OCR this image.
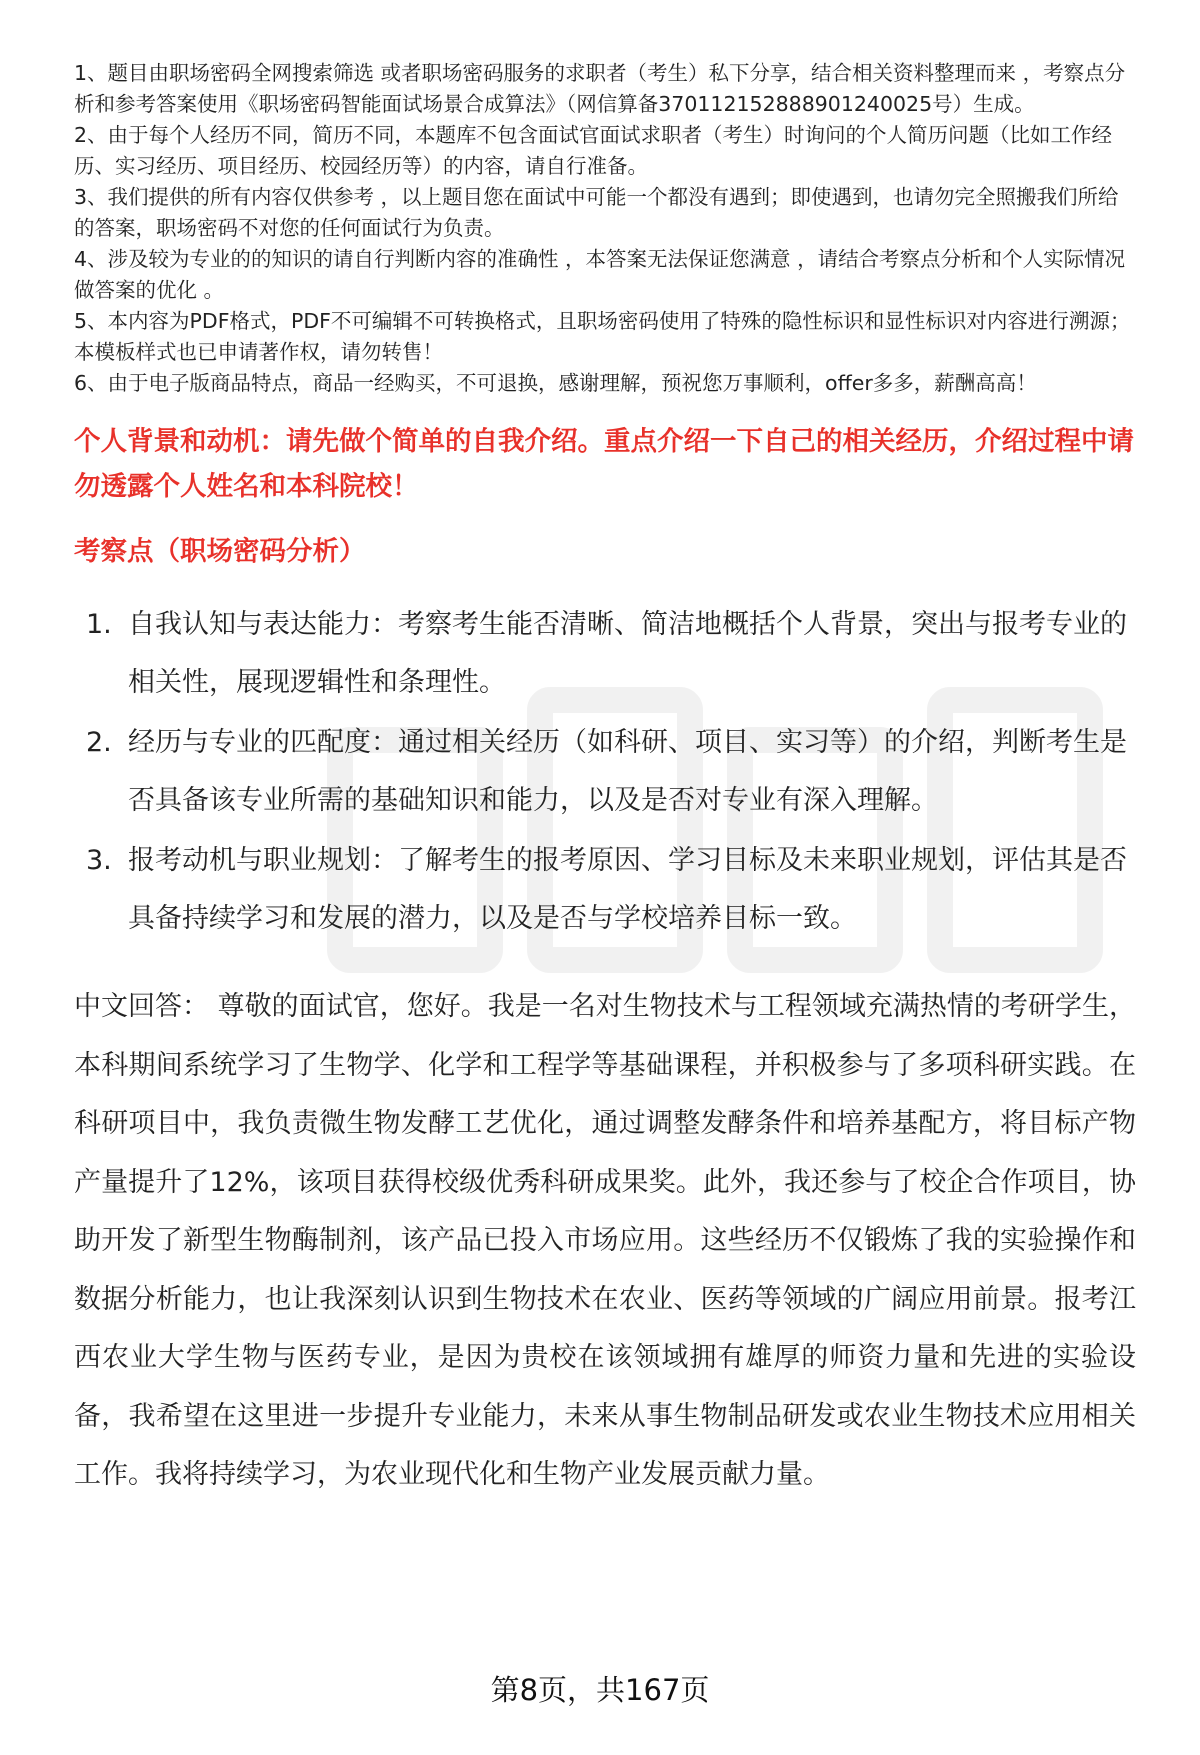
1、题目由职场密码全网搜索筛选 或者职场密码服务的求职者（考生）私下分享，结合相关资料整理而来 ，考察点分析和参考答案使用《职场密码智能面试场景合成算法》（网信算备370112152888901240025号）生成。

2、由于每个人经历不同，简历不同，本题库不包含面试官面试求职者（考生）时询问的个人简历问题（比如工作经历、实习经历、项目经历、校园经历等）的内容，请自行准备。

3、我们提供的所有内容仅供参考 ，以上题目您在面试中可能一个都没有遇到；即使遇到，也请勿完全照搬我们所给的答案，职场密码不对您的任何面试行为负责。

4、涉及较为专业的的知识的请自行判断内容的准确性 ，本答案无法保证您满意 ，请结合考察点分析和个人实际情况做答案的优化 。

5、本内容为PDF格式，PDF不可编辑不可转换格式，且职场密码使用了特殊的隐性标识和显性标识对内容进行溯源；本模板样式也已申请著作权，请勿转售！

6、由于电子版商品特点，商品一经购买，不可退换，感谢理解，预祝您万事顺利，offer多多，薪酬高高！

个人背景和动机：请先做个简单的自我介绍。重点介绍一下自己的相关经历，介绍过程中请勿透露个人姓名和本科院校！
考察点（职场密码分析）
1. 自我认知与表达能力：考察考生能否清晰、简洁地概括个人背景，突出与报考专业的相关性，展现逻辑性和条理性。
2. 经历与专业的匹配度：通过相关经历（如科研、项目、实习等）的介绍，判断考生是否具备该专业所需的基础知识和能力，以及是否对专业有深入理解。
3. 报考动机与职业规划：了解考生的报考原因、学习目标及未来职业规划，评估其是否具备持续学习和发展的潜力，以及是否与学校培养目标一致。

中文回答： 尊敬的面试官，您好。我是一名对生物技术与工程领域充满热情的考研学生，本科期间系统学习了生物学、化学和工程学等基础课程，并积极参与了多项科研实践。在科研项目中，我负责微生物发酵工艺优化，通过调整发酵条件和培养基配方，将目标产物产量提升了12%，该项目获得校级优秀科研成果奖。此外，我还参与了校企合作项目，协助开发了新型生物酶制剂，该产品已投入市场应用。这些经历不仅锻炼了我的实验操作和数据分析能力，也让我深刻认识到生物技术在农业、医药等领域的广阔应用前景。报考江西农业大学生物与医药专业，是因为贵校在该领域拥有雄厚的师资力量和先进的实验设备，我希望在这里进一步提升专业能力，未来从事生物制品研发或农业生物技术应用相关工作。我将持续学习，为农业现代化和生物产业发展贡献力量。

第8页，共167页
